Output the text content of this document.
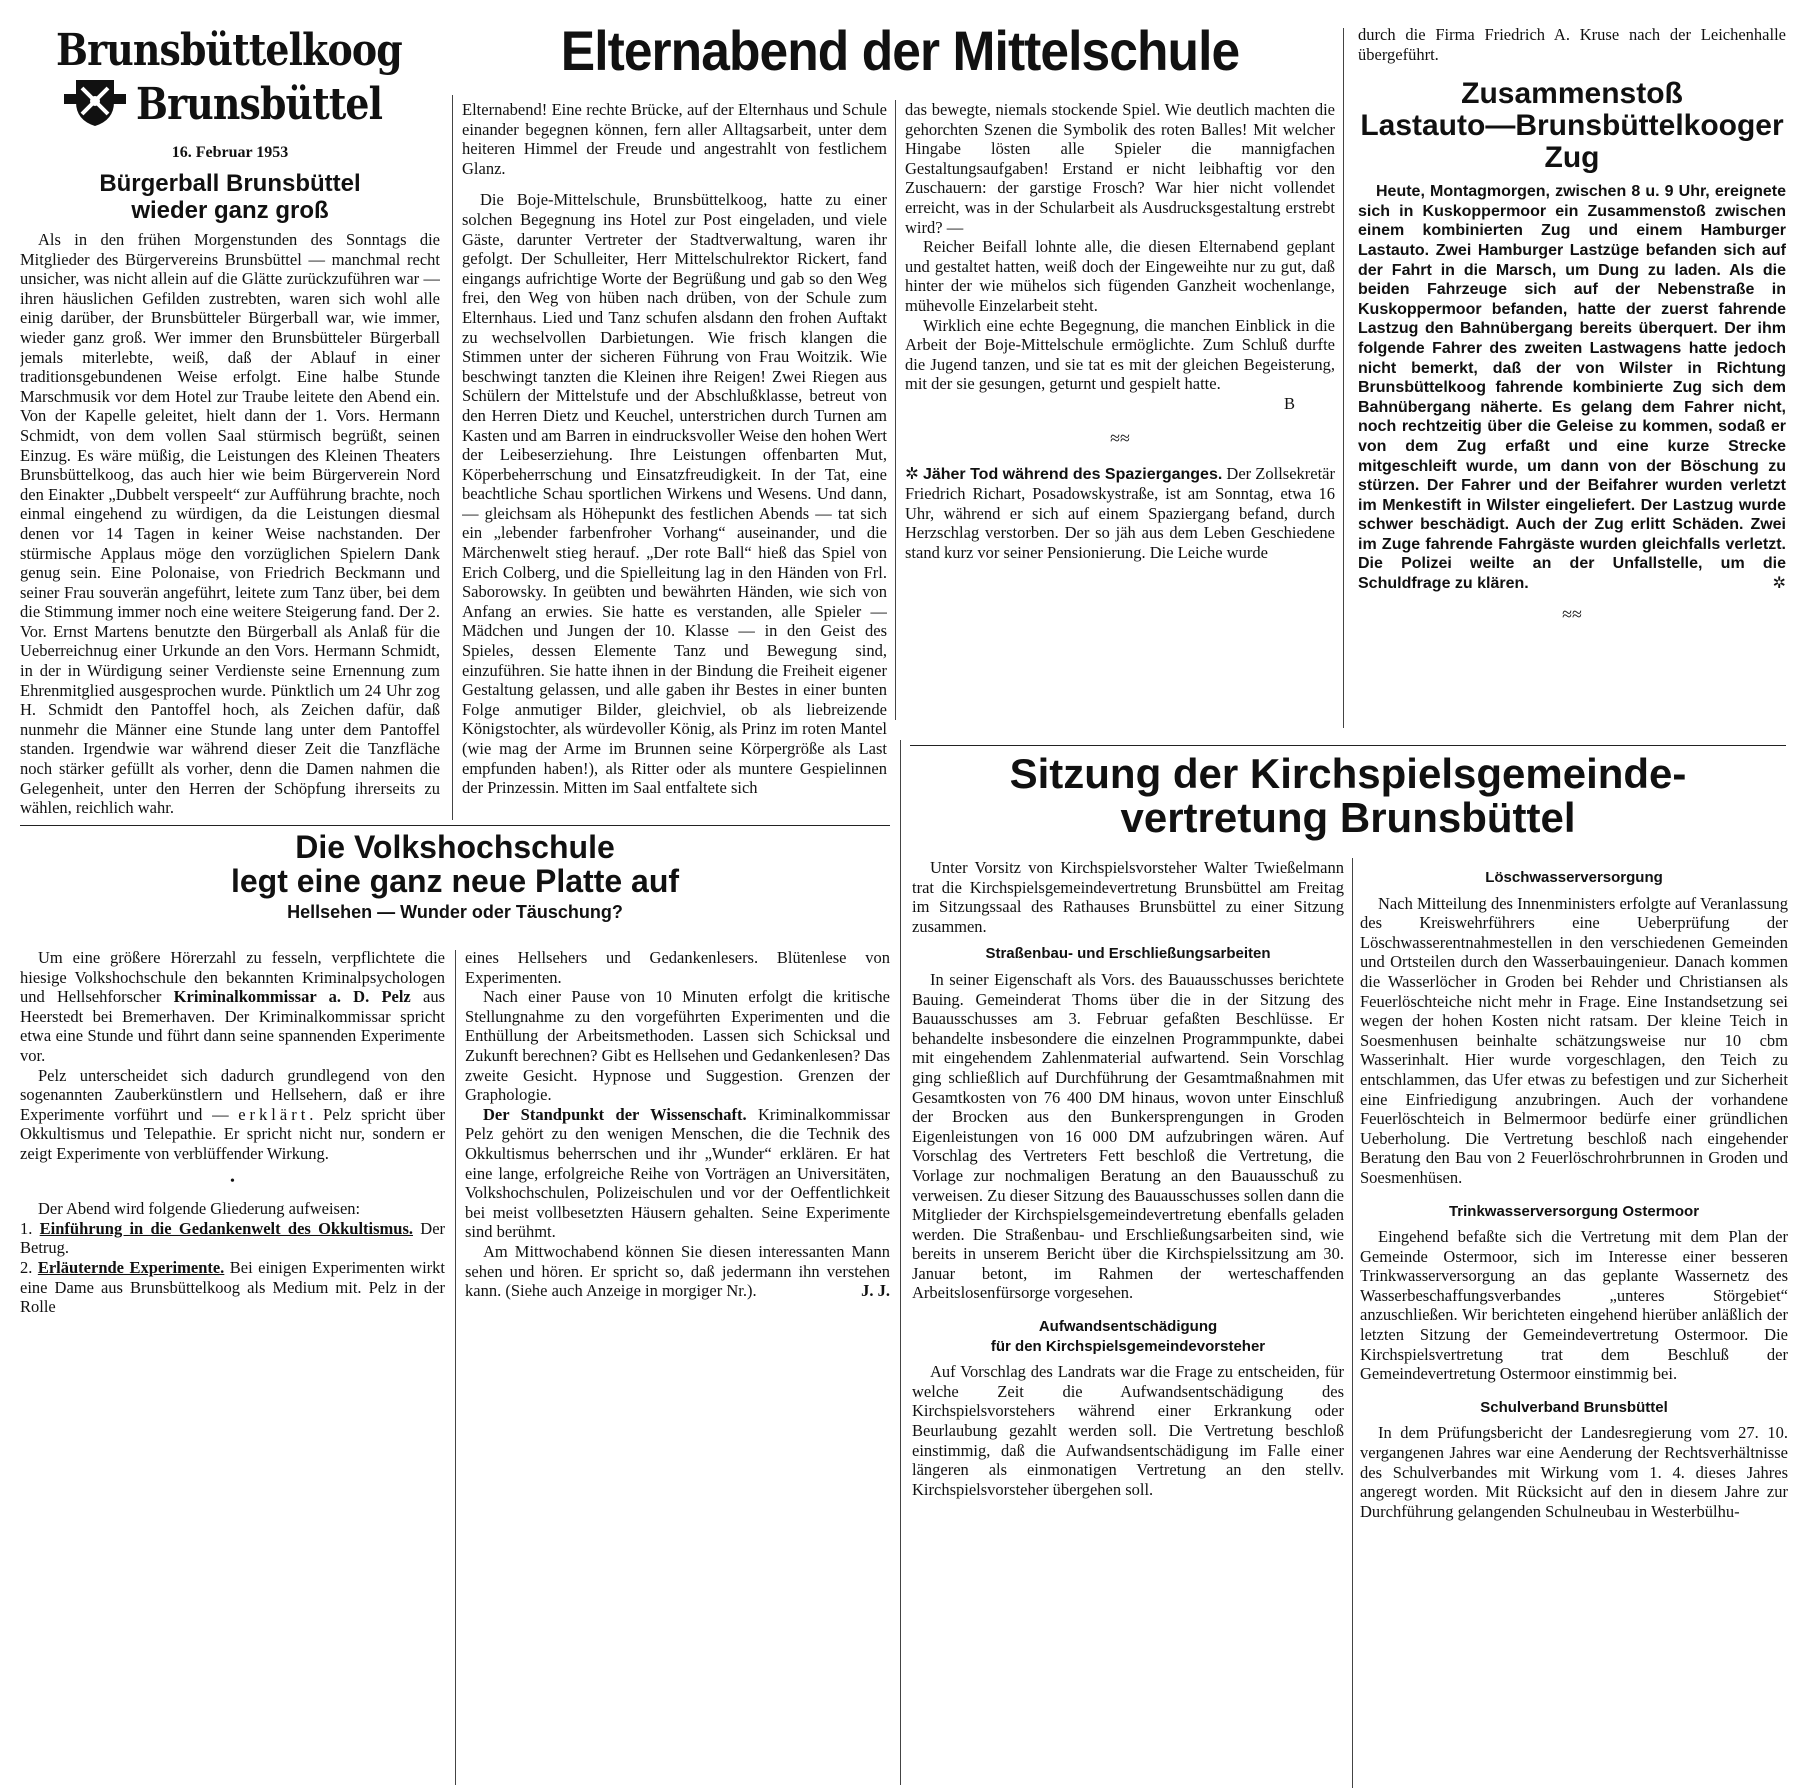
Brunsbüttelkoog
Brunsbüttel
16. Februar 1953
Bürgerball Brunsbüttel
wieder ganz groß

Als in den frühen Morgenstunden des Sonntags die Mitglieder des Bürgervereins Brunsbüttel — manchmal recht unsicher, was nicht allein auf die Glätte zurückzuführen war — ihren häuslichen Gefilden zustrebten, waren sich wohl alle einig darüber, der Brunsbütteler Bürgerball war, wie immer, wieder ganz groß. Wer immer den Brunsbütteler Bürgerball jemals miterlebte, weiß, daß der Ablauf in einer traditionsgebundenen Weise erfolgt. Eine halbe Stunde Marschmusik vor dem Hotel zur Traube leitete den Abend ein. Von der Kapelle geleitet, hielt dann der 1. Vors. Hermann Schmidt, von dem vollen Saal stürmisch begrüßt, seinen Einzug. Es wäre müßig, die Leistungen des Kleinen Theaters Brunsbüttelkoog, das auch hier wie beim Bürgerverein Nord den Einakter „Dubbelt verspeelt“ zur Aufführung brachte, noch einmal eingehend zu würdigen, da die Leistungen diesmal denen vor 14 Tagen in keiner Weise nachstanden. Der stürmische Applaus möge den vorzüglichen Spielern Dank genug sein. Eine Polonaise, von Friedrich Beckmann und seiner Frau souverän angeführt, leitete zum Tanz über, bei dem die Stimmung immer noch eine weitere Steigerung fand. Der 2. Vor. Ernst Martens benutzte den Bürgerball als Anlaß für die Ueberreichnug einer Urkunde an den Vors. Hermann Schmidt, in der in Würdigung seiner Verdienste seine Ernennung zum Ehrenmitglied ausgesprochen wurde. Pünktlich um 24 Uhr zog H. Schmidt den Pantoffel hoch, als Zeichen dafür, daß nunmehr die Männer eine Stunde lang unter dem Pantoffel standen. Irgendwie war während dieser Zeit die Tanzfläche noch stärker gefüllt als vorher, denn die Damen nahmen die Gelegenheit, unter den Herren der Schöpfung ihrerseits zu wählen, reichlich wahr.

Elternabend der Mittelschule

Elternabend! Eine rechte Brücke, auf der Elternhaus und Schule einander begegnen können, fern aller Alltagsarbeit, unter dem heiteren Himmel der Freude und angestrahlt von festlichem Glanz.

Die Boje-Mittelschule, Brunsbüttelkoog, hatte zu einer solchen Begegnung ins Hotel zur Post eingeladen, und viele Gäste, darunter Vertreter der Stadtverwaltung, waren ihr gefolgt. Der Schulleiter, Herr Mittelschulrektor Rickert, fand eingangs aufrichtige Worte der Begrüßung und gab so den Weg frei, den Weg von hüben nach drüben, von der Schule zum Elternhaus. Lied und Tanz schufen alsdann den frohen Auftakt zu wechselvollen Darbietungen. Wie frisch klangen die Stimmen unter der sicheren Führung von Frau Woitzik. Wie beschwingt tanzten die Kleinen ihre Reigen! Zwei Riegen aus Schülern der Mittelstufe und der Abschlußklasse, betreut von den Herren Dietz und Keuchel, unterstrichen durch Turnen am Kasten und am Barren in eindrucksvoller Weise den hohen Wert der Leibeserziehung. Ihre Leistungen offenbarten Mut, Köperbeherrschung und Einsatzfreudigkeit. In der Tat, eine beachtliche Schau sportlichen Wirkens und Wesens. Und dann, — gleichsam als Höhepunkt des festlichen Abends — tat sich ein „lebender farbenfroher Vorhang“ auseinander, und die Märchenwelt stieg herauf. „Der rote Ball“ hieß das Spiel von Erich Colberg, und die Spielleitung lag in den Händen von Frl. Saborowsky. In geübten und bewährten Händen, wie sich von Anfang an erwies. Sie hatte es verstanden, alle Spieler — Mädchen und Jungen der 10. Klasse — in den Geist des Spieles, dessen Elemente Tanz und Bewegung sind, einzuführen. Sie hatte ihnen in der Bindung die Freiheit eigener Gestaltung gelassen, und alle gaben ihr Bestes in einer bunten Folge anmutiger Bilder, gleichviel, ob als liebreizende Königstochter, als würdevoller König, als Prinz im roten Mantel (wie mag der Arme im Brunnen seine Körpergröße als Last empfunden haben!), als Ritter oder als muntere Gespielinnen der Prinzessin. Mitten im Saal entfaltete sich

das bewegte, niemals stockende Spiel. Wie deutlich machten die gehorchten Szenen die Symbolik des roten Balles! Mit welcher Hingabe lösten alle Spieler die mannigfachen Gestaltungsaufgaben! Erstand er nicht leibhaftig vor den Zuschauern: der garstige Frosch? War hier nicht vollendet erreicht, was in der Schularbeit als Ausdrucksgestaltung erstrebt wird? —

Reicher Beifall lohnte alle, die diesen Elternabend geplant und gestaltet hatten, weiß doch der Eingeweihte nur zu gut, daß hinter der wie mühelos sich fügenden Ganzheit wochenlange, mühevolle Einzelarbeit steht.

Wirklich eine echte Begegnung, die manchen Einblick in die Arbeit der Boje-Mittelschule ermöglichte. Zum Schluß durfte die Jugend tanzen, und sie tat es mit der gleichen Begeisterung, mit der sie gesungen, geturnt und gespielt hatte.

B
≈≈

✲ Jäher Tod während des Spazierganges. Der Zollsekretär Friedrich Richart, Posadowskystraße, ist am Sonntag, etwa 16 Uhr, während er sich auf einem Spaziergang befand, durch Herzschlag verstorben. Der so jäh aus dem Leben Geschiedene stand kurz vor seiner Pensionierung. Die Leiche wurde

durch die Firma Friedrich A. Kruse nach der Leichenhalle übergeführt.

Zusammenstoß
Lastauto—Brunsbüttelkooger Zug
Heute, Montagmorgen, zwischen 8 u. 9 Uhr, ereignete sich in Kuskoppermoor ein Zusammenstoß zwischen einem kombinierten Zug und einem Hamburger Lastauto. Zwei Hamburger Lastzüge befanden sich auf der Fahrt in die Marsch, um Dung zu laden. Als die beiden Fahrzeuge sich auf der Nebenstraße in Kuskoppermoor befanden, hatte der zuerst fahrende Lastzug den Bahnübergang bereits überquert. Der ihm folgende Fahrer des zweiten Lastwagens hatte jedoch nicht bemerkt, daß der von Wilster in Richtung Brunsbüttelkoog fahrende kombinierte Zug sich dem Bahnübergang näherte. Es gelang dem Fahrer nicht, noch rechtzeitig über die Geleise zu kommen, sodaß er von dem Zug erfaßt und eine kurze Strecke mitgeschleift wurde, um dann von der Böschung zu stürzen. Der Fahrer und der Beifahrer wurden verletzt im Menkestift in Wilster eingeliefert. Der Lastzug wurde schwer beschädigt. Auch der Zug erlitt Schäden. Zwei im Zuge fahrende Fahrgäste wurden gleichfalls verletzt. Die Polizei weilte an der Unfallstelle, um die Schuldfrage zu klären.	✲
≈≈
Die Volkshochschule
legt eine ganz neue Platte auf
Hellsehen — Wunder oder Täuschung?

Um eine größere Hörerzahl zu fesseln, verpflichtete die hiesige Volkshochschule den bekannten Kriminalpsychologen und Hellsehforscher Kriminalkommissar a. D. Pelz aus Heerstedt bei Bremerhaven. Der Kriminalkommissar spricht etwa eine Stunde und führt dann seine spannenden Experimente vor.

Pelz unterscheidet sich dadurch grundlegend von den sogenannten Zauberkünstlern und Hellsehern, daß er ihre Experimente vorführt und — erklärt. Pelz spricht über Okkultismus und Telepathie. Er spricht nicht nur, sondern er zeigt Experimente von verblüffender Wirkung.

•

Der Abend wird folgende Gliederung aufweisen:

1. Einführung in die Gedankenwelt des Okkultismus. Der Betrug.
2. Erläuternde Experimente. Bei einigen Experimenten wirkt eine Dame aus Brunsbüttelkoog als Medium mit. Pelz in der Rolle

eines Hellsehers und Gedankenlesers. Blütenlese von Experimenten.

Nach einer Pause von 10 Minuten erfolgt die kritische Stellungnahme zu den vorgeführten Experimenten und die Enthüllung der Arbeitsmethoden. Lassen sich Schicksal und Zukunft berechnen? Gibt es Hellsehen und Gedankenlesen? Das zweite Gesicht. Hypnose und Suggestion. Grenzen der Graphologie.

Der Standpunkt der Wissenschaft. Kriminalkommissar Pelz gehört zu den wenigen Menschen, die die Technik des Okkultismus beherrschen und ihr „Wunder“ erklären. Er hat eine lange, erfolgreiche Reihe von Vorträgen an Universitäten, Volkshochschulen, Polizeischulen und vor der Oeffentlichkeit bei meist vollbesetzten Häusern gehalten. Seine Experimente sind berühmt.

Am Mittwochabend können Sie diesen interessanten Mann sehen und hören. Er spricht so, daß jedermann ihn verstehen kann. (Siehe auch Anzeige in morgiger Nr.).	J. J.

Sitzung der Kirchspielsgemeinde-
vertretung Brunsbüttel

Unter Vorsitz von Kirchspielsvorsteher Walter Twießelmann trat die Kirchspielsgemeindevertretung Brunsbüttel am Freitag im Sitzungssaal des Rathauses Brunsbüttel zu einer Sitzung zusammen.

Straßenbau- und Erschließungsarbeiten

In seiner Eigenschaft als Vors. des Bauausschusses berichtete Bauing. Gemeinderat Thoms über die in der Sitzung des Bauausschusses am 3. Februar gefaßten Beschlüsse. Er behandelte insbesondere die einzelnen Programmpunkte, dabei mit eingehendem Zahlenmaterial aufwartend. Sein Vorschlag ging schließlich auf Durchführung der Gesamtmaßnahmen mit Gesamtkosten von 76 400 DM hinaus, wovon unter Einschluß der Brocken aus den Bunkersprengungen in Groden Eigenleistungen von 16 000 DM aufzubringen wären. Auf Vorschlag des Vertreters Fett beschloß die Vertretung, die Vorlage zur nochmaligen Beratung an den Bauausschuß zu verweisen. Zu dieser Sitzung des Bauausschusses sollen dann die Mitglieder der Kirchspielsgemeindevertretung ebenfalls geladen werden. Die Straßenbau- und Erschließungsarbeiten sind, wie bereits in unserem Bericht über die Kirchspielssitzung am 30. Januar betont, im Rahmen der werteschaffenden Arbeitslosenfürsorge vorgesehen.

Aufwandsentschädigung
für den Kirchspielsgemeindevorsteher

Auf Vorschlag des Landrats war die Frage zu entscheiden, für welche Zeit die Aufwandsentschädigung des Kirchspielsvorstehers während einer Erkrankung oder Beurlaubung gezahlt werden soll. Die Vertretung beschloß einstimmig, daß die Aufwandsentschädigung im Falle einer längeren als einmonatigen Vertretung an den stellv. Kirchspielsvorsteher übergehen soll.

Löschwasserversorgung

Nach Mitteilung des Innenministers erfolgte auf Veranlassung des Kreiswehrführers eine Ueberprüfung der Löschwasserentnahmestellen in den verschiedenen Gemeinden und Ortsteilen durch den Wasserbauingenieur. Danach kommen die Wasserlöcher in Groden bei Rehder und Christiansen als Feuerlöschteiche nicht mehr in Frage. Eine Instandsetzung sei wegen der hohen Kosten nicht ratsam. Der kleine Teich in Soesmenhusen beinhalte schätzungsweise nur 10 cbm Wasserinhalt. Hier wurde vorgeschlagen, den Teich zu entschlammen, das Ufer etwas zu befestigen und zur Sicherheit eine Einfriedigung anzubringen. Auch der vorhandene Feuerlöschteich in Belmermoor bedürfe einer gründlichen Ueberholung. Die Vertretung beschloß nach eingehender Beratung den Bau von 2 Feuerlöschrohrbrunnen in Groden und Soesmenhüsen.

Trinkwasserversorgung Ostermoor

Eingehend befaßte sich die Vertretung mit dem Plan der Gemeinde Ostermoor, sich im Interesse einer besseren Trinkwasserversorgung an das geplante Wassernetz des Wasserbeschaffungsverbandes „unteres Störgebiet“ anzuschließen. Wir berichteten eingehend hierüber anläßlich der letzten Sitzung der Gemeindevertretung Ostermoor. Die Kirchspielsvertretung trat dem Beschluß der Gemeindevertretung Ostermoor einstimmig bei.

Schulverband Brunsbüttel

In dem Prüfungsbericht der Landesregierung vom 27. 10. vergangenen Jahres war eine Aenderung der Rechtsverhältnisse des Schulverbandes mit Wirkung vom 1. 4. dieses Jahres angeregt worden. Mit Rücksicht auf den in diesem Jahre zur Durchführung gelangenden Schulneubau in Westerbülhu-
